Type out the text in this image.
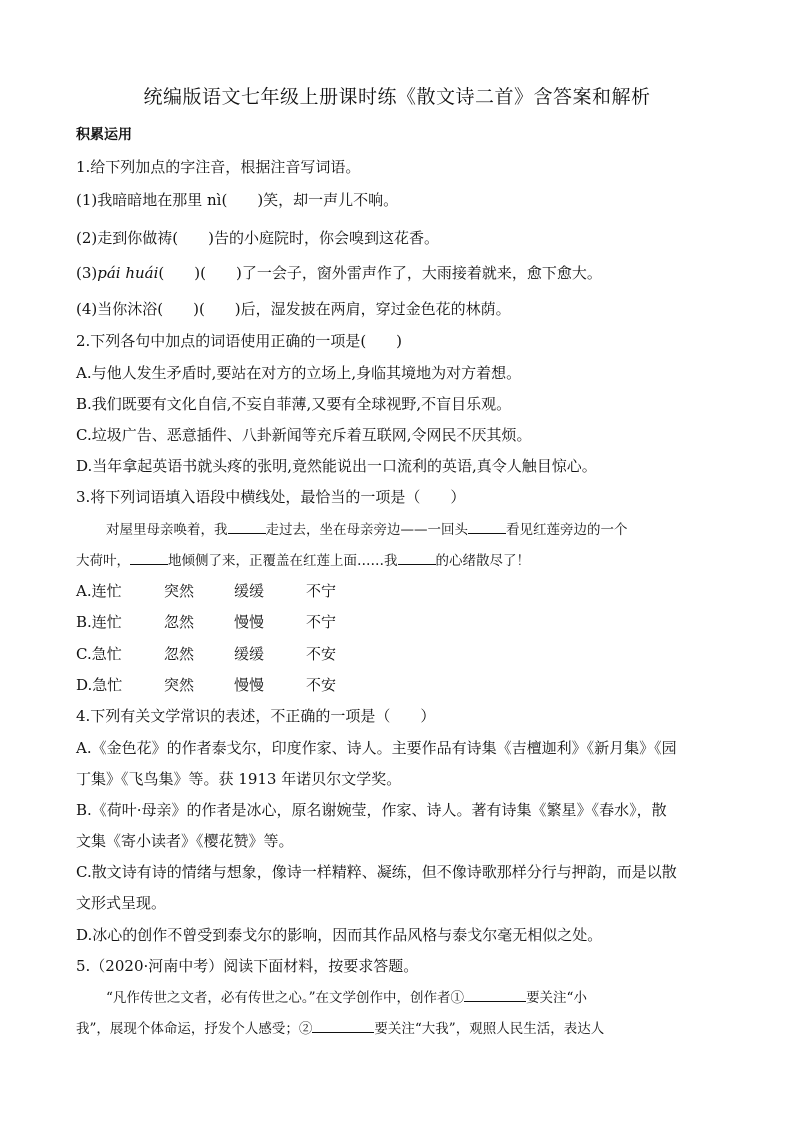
统编版语文七年级上册课时练《散文诗二首》含答案和解析
积累运用
1.给下列加点的字注音，根据注音写词语。
(1)我暗暗地在那里 nì(　　)笑，却一声儿不响。
(2)走到你做祷(　　)告的小庭院时，你会嗅到这花香。
(3)pái huái(　　)(　　)了一会子，窗外雷声作了，大雨接着就来，愈下愈大。
(4)当你沐浴(　　)(　　)后，湿发披在两肩，穿过金色花的林荫。
2.下列各句中加点的词语使用正确的一项是(　　)
A.与他人发生矛盾时,要站在对方的立场上,身临其境地为对方着想。
B.我们既要有文化自信,不妄自菲薄,又要有全球视野,不盲目乐观。
C.垃圾广告、恶意插件、八卦新闻等充斥着互联网,令网民不厌其烦。
D.当年拿起英语书就头疼的张明,竟然能说出一口流利的英语,真令人触目惊心。
3.将下列词语填入语段中横线处，最恰当的一项是（　　）
对屋里母亲唤着，我	走过去，坐在母亲旁边——一回头	看见红莲旁边的一个
大荷叶，	地倾侧了来，正覆盖在红莲上面……我	的心绪散尽了！
A.连忙	突然	缓缓	不宁
B.连忙	忽然	慢慢	不宁
C.急忙	忽然	缓缓	不安
D.急忙	突然	慢慢	不安
4.下列有关文学常识的表述，不正确的一项是（　　）
A.《金色花》的作者泰戈尔，印度作家、诗人。主要作品有诗集《吉檀迦利》《新月集》《园
丁集》《飞鸟集》等。获 1913 年诺贝尔文学奖。
B.《荷叶·母亲》的作者是冰心，原名谢婉莹，作家、诗人。著有诗集《繁星》《春水》，散
文集《寄小读者》《樱花赞》等。
C.散文诗有诗的情绪与想象，像诗一样精粹、凝练，但不像诗歌那样分行与押韵，而是以散
文形式呈现。
D.冰心的创作不曾受到泰戈尔的影响，因而其作品风格与泰戈尔毫无相似之处。
5.（2020·河南中考）阅读下面材料，按要求答题。
“凡作传世之文者，必有传世之心。”在文学创作中，创作者①	要关注“小
我”，展现个体命运，抒发个人感受；②	要关注“大我”，观照人民生活，表达人
